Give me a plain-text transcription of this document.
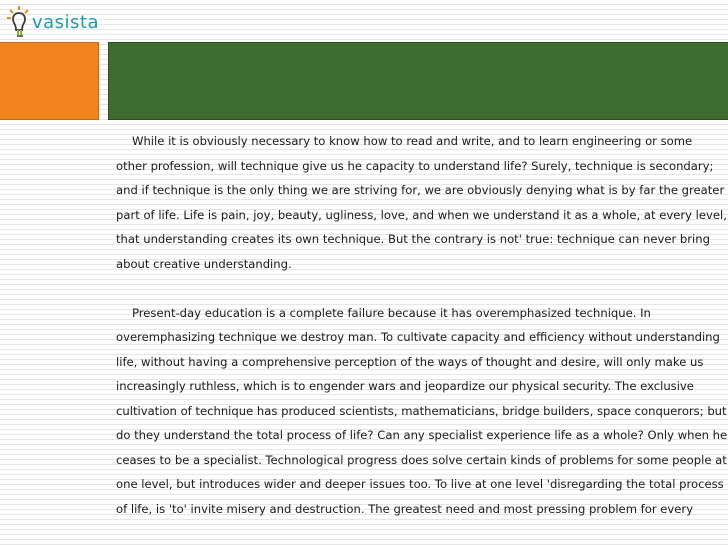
vasista
While it is obviously necessary to know how to read and write, and to learn engineering or some
other profession, will technique give us he capacity to understand life? Surely, technique is secondary;
and if technique is the only thing we are striving for, we are obviously denying what is by far the greater
part of life. Life is pain, joy, beauty, ugliness, love, and when we understand it as a whole, at every level,
that understanding creates its own technique. But the contrary is not' true: technique can never bring
about creative understanding.
Present-day education is a complete failure because it has overemphasized technique. In
overemphasizing technique we destroy man. To cultivate capacity and efficiency without understanding
life, without having a comprehensive perception of the ways of thought and desire, will only make us
increasingly ruthless, which is to engender wars and jeopardize our physical security. The exclusive
cultivation of technique has produced scientists, mathematicians, bridge builders, space conquerors; but
do they understand the total process of life? Can any specialist experience life as a whole? Only when he
ceases to be a specialist. Technological progress does solve certain kinds of problems for some people at
one level, but introduces wider and deeper issues too. To live at one level 'disregarding the total process
of life, is 'to' invite misery and destruction. The greatest need and most pressing problem for every
